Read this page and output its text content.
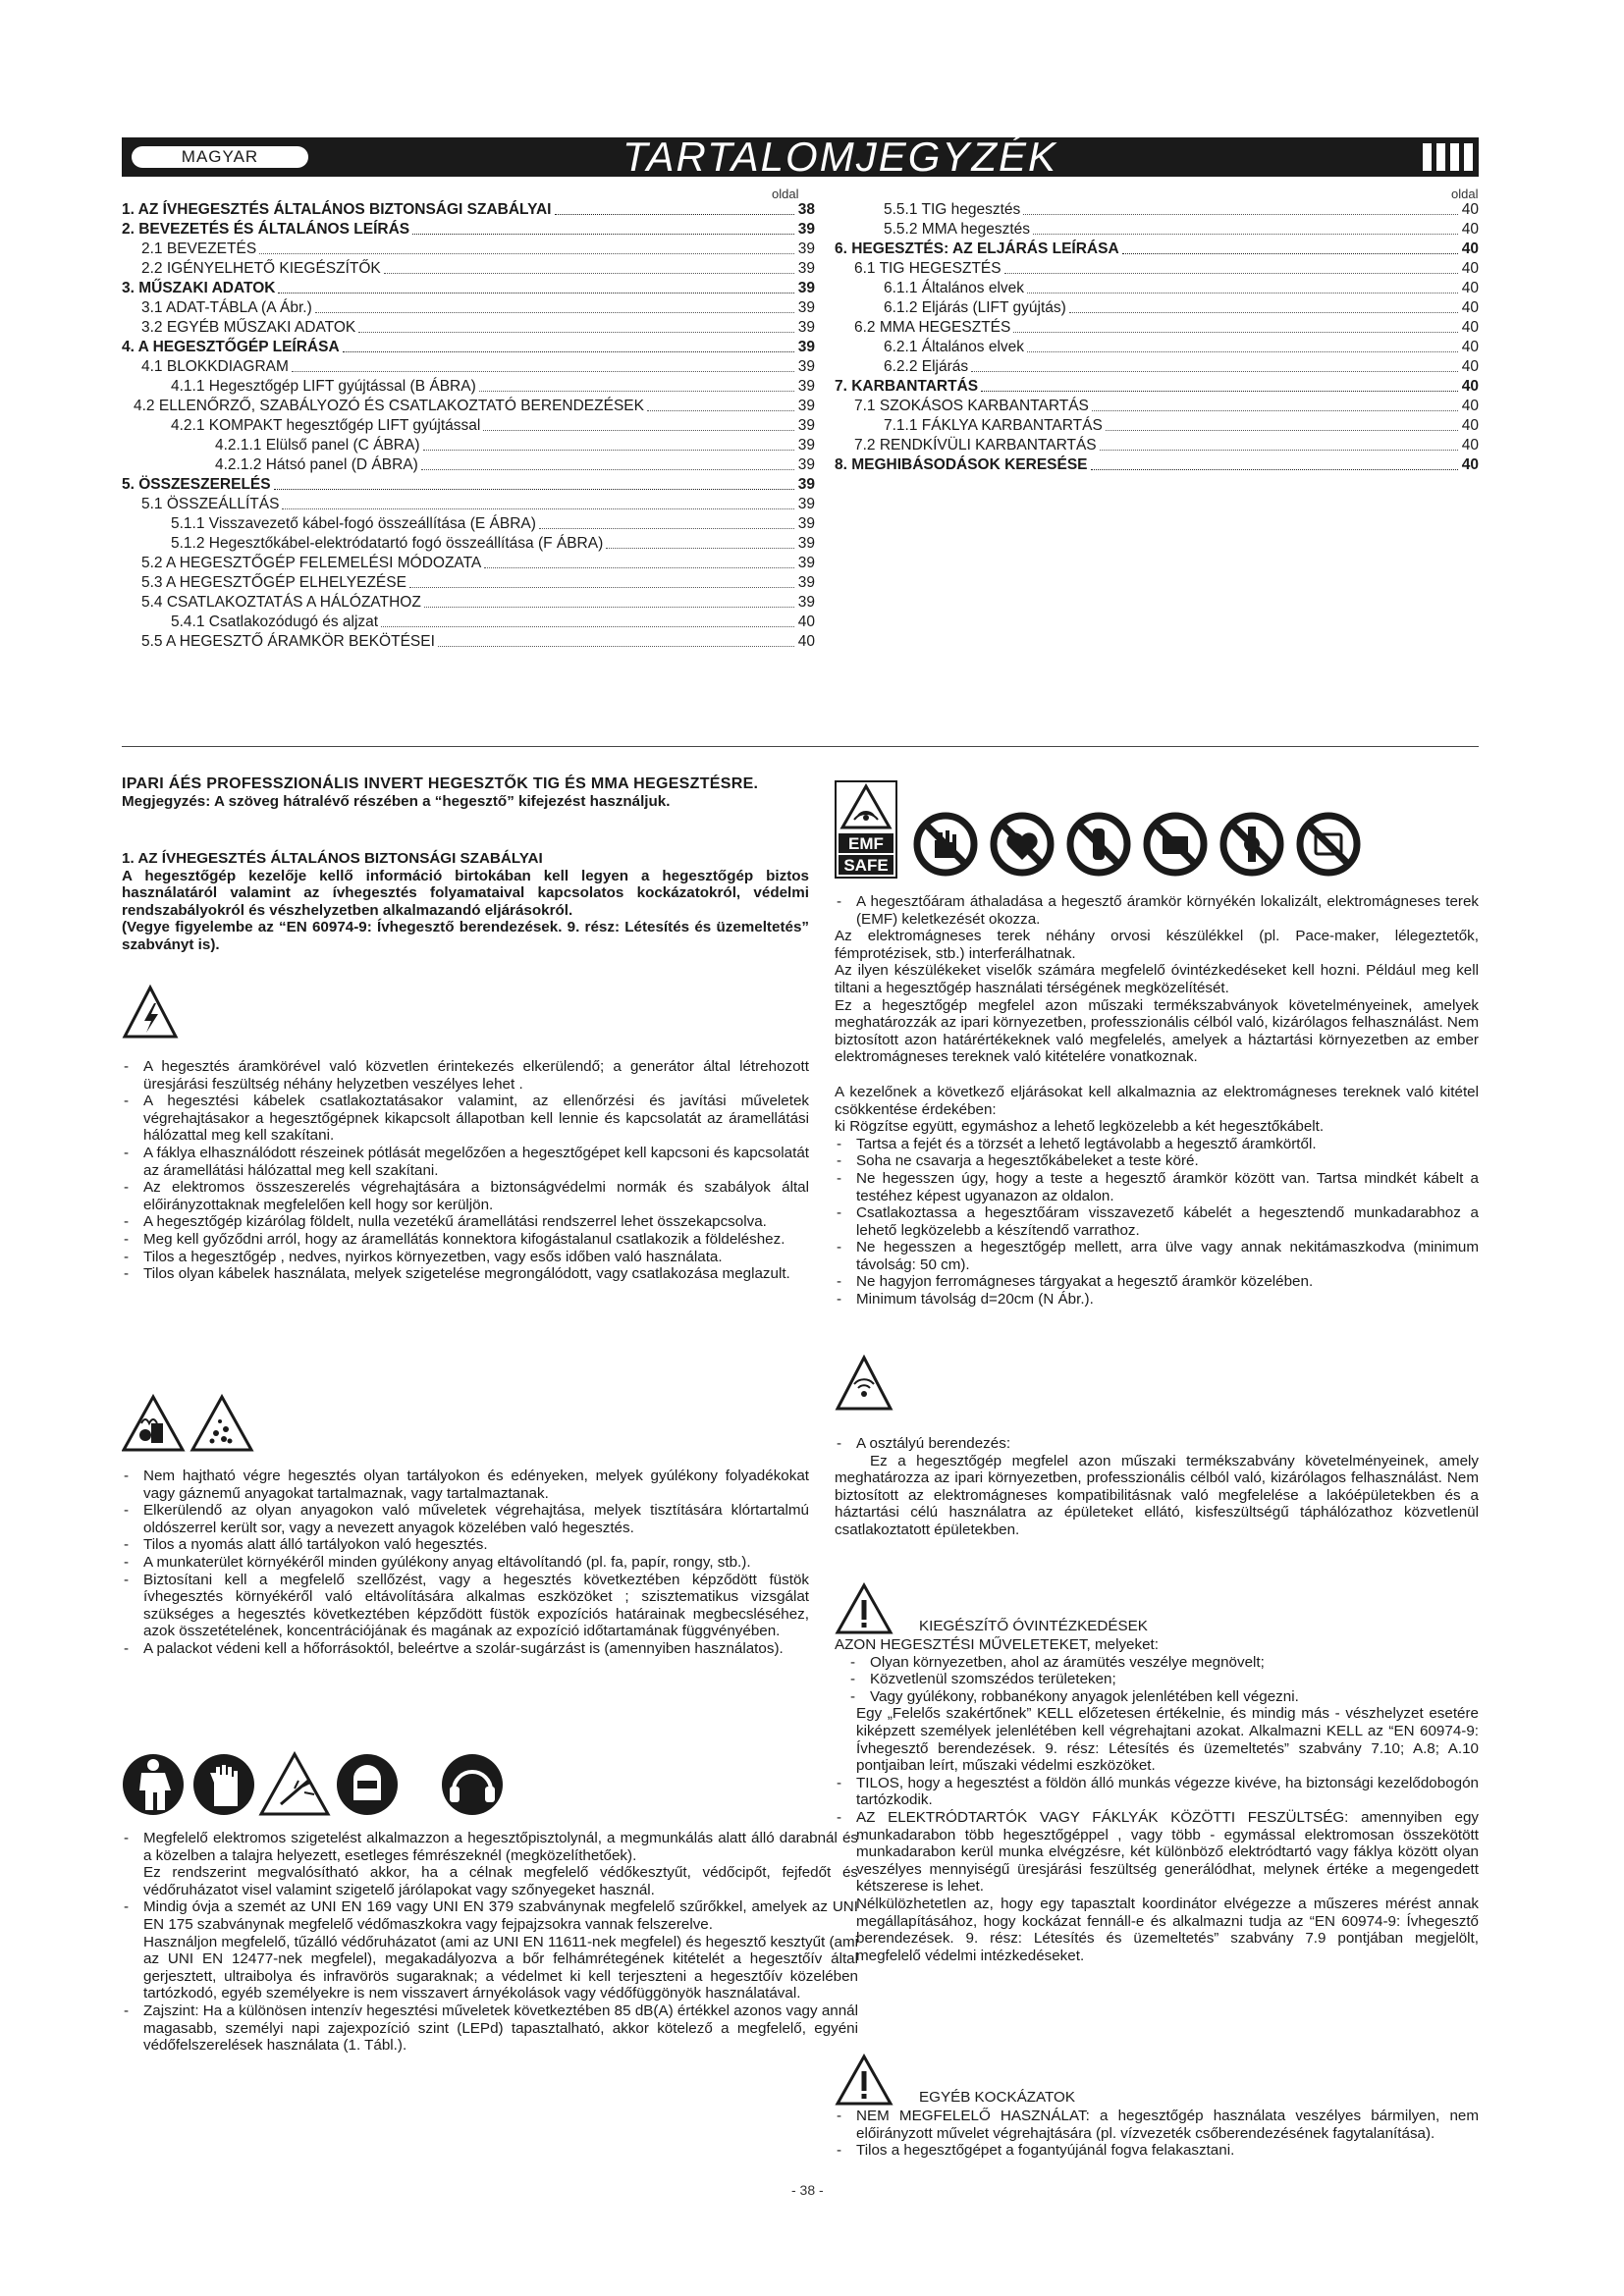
MAGYAR	TARTALOMJEGYZÉK
oldal	oldal
1. AZ ÍVHEGESZTÉS ÁLTALÁNOS BIZTONSÁGI SZABÁLYAI	38
2. BEVEZETÉS ÉS ÁLTALÁNOS LEÍRÁS	39
2.1 BEVEZETÉS	39
2.2 IGÉNYELHETŐ KIEGÉSZÍTŐK	39
3. MŰSZAKI ADATOK	39
3.1 ADAT-TÁBLA (A Ábr.)	39
3.2 EGYÉB MŰSZAKI ADATOK	39
4. A HEGESZTŐGÉP LEÍRÁSA	39
4.1 BLOKKDIAGRAM	39
4.1.1 Hegesztőgép LIFT gyújtással (B ÁBRA)	39
4.2 ELLENŐRZŐ, SZABÁLYOZÓ ÉS CSATLAKOZTATÓ BERENDEZÉSEK	39
4.2.1 KOMPAKT hegesztőgép LIFT gyújtással	39
4.2.1.1 Elülső panel (C ÁBRA)	39
4.2.1.2 Hátsó panel (D ÁBRA)	39
5. ÖSSZESZERELÉS	39
5.1 ÖSSZEÁLLÍTÁS	39
5.1.1 Visszavezető kábel-fogó összeállítása (E ÁBRA)	39
5.1.2 Hegesztőkábel-elektródatartó fogó összeállítása (F ÁBRA)	39
5.2 A HEGESZTŐGÉP FELEMELÉSI MÓDOZATA	39
5.3 A HEGESZTŐGÉP ELHELYEZÉSE	39
5.4 CSATLAKOZTATÁS A HÁLÓZATHOZ	39
5.4.1 Csatlakozódugó és aljzat	40
5.5 A HEGESZTŐ ÁRAMKÖR BEKÖTÉSEI	40
5.5.1 TIG hegesztés	40
5.5.2 MMA hegesztés	40
6. HEGESZTÉS: AZ ELJÁRÁS LEÍRÁSA	40
6.1 TIG HEGESZTÉS	40
6.1.1 Általános elvek	40
6.1.2 Eljárás (LIFT gyújtás)	40
6.2 MMA HEGESZTÉS	40
6.2.1 Általános elvek	40
6.2.2 Eljárás	40
7. KARBANTARTÁS	40
7.1 SZOKÁSOS KARBANTARTÁS	40
7.1.1 FÁKLYA KARBANTARTÁS	40
7.2 RENDKÍVÜLI KARBANTARTÁS	40
8. MEGHIBÁSODÁSOK KERESÉSE	40

IPARI ÁÉS PROFESSZIONÁLIS INVERT HEGESZTŐK TIG ÉS MMA HEGESZTÉSRE.

Megjegyzés: A szöveg hátralévő részében a “hegesztő” kifejezést használjuk.

1. AZ ÍVHEGESZTÉS ÁLTALÁNOS BIZTONSÁGI SZABÁLYAI

A hegesztőgép kezelője kellő információ birtokában kell legyen a hegesztőgép biztos használatáról valamint az ívhegesztés folyamataival kapcsolatos kockázatokról, védelmi rendszabályokról és vészhelyzetben alkalmazandó eljárásokról.

(Vegye figyelembe az “EN 60974-9: Ívhegesztő berendezések. 9. rész: Létesítés és üzemeltetés” szabványt is).

- A hegesztés áramkörével való közvetlen érintekezés elkerülendő; a generátor által létrehozott üresjárási feszültség néhány helyzetben veszélyes lehet .

- A hegesztési kábelek csatlakoztatásakor valamint, az ellenőrzési és javítási műveletek végrehajtásakor a hegesztőgépnek kikapcsolt állapotban kell lennie és kapcsolatát az áramellátási hálózattal meg kell szakítani.

- A fáklya elhasználódott részeinek pótlását megelőzően a hegesztőgépet kell kapcsoni és kapcsolatát az áramellátási hálózattal meg kell szakítani.

- Az elektromos összeszerelés végrehajtására a biztonságvédelmi normák és szabályok által előirányzottaknak megfelelően kell hogy sor kerüljön.

- A hegesztőgép kizárólag földelt, nulla vezetékű áramellátási rendszerrel lehet összekapcsolva.

- Meg kell győződni arról, hogy az áramellátás konnektora kifogástalanul csatlakozik a földeléshez.

- Tilos a hegesztőgép , nedves, nyirkos környezetben, vagy esős időben való használata.

- Tilos olyan kábelek használata, melyek szigetelése megrongálódott, vagy csatlakozása meglazult.

- Nem hajtható végre hegesztés olyan tartályokon és edényeken, melyek gyúlékony folyadékokat vagy gáznemű anyagokat tartalmaznak, vagy tartalmaztanak.

- Elkerülendő az olyan anyagokon való műveletek végrehajtása, melyek tisztítására klórtartalmú oldószerrel került sor, vagy a nevezett anyagok közelében való hegesztés.

- Tilos a nyomás alatt álló tartályokon való hegesztés.

- A munkaterület környékéről minden gyúlékony anyag eltávolítandó (pl. fa, papír, rongy, stb.).

- Biztosítani kell a megfelelő szellőzést, vagy a hegesztés következtében képződött füstök ívhegesztés környékéről való eltávolítására alkalmas eszközöket ; szisztematikus vizsgálat szükséges a hegesztés következtében képződött füstök expozíciós határainak megbecsléséhez, azok összetételének, koncentrációjának és magának az expozíció időtartamának függvényében.

- A palackot védeni kell a hőforrásoktól, beleértve a szolár-sugárzást is (amennyiben használatos).

- Megfelelő elektromos szigetelést alkalmazzon a hegesztőpisztolynál, a megmunkálás alatt álló darabnál és a közelben a talajra helyezett, esetleges fémrészeknél (megközelíthetőek).

Ez rendszerint megvalósítható akkor, ha a célnak megfelelő védőkesztyűt, védőcipőt, fejfedőt és védőruházatot visel valamint szigetelő járólapokat vagy szőnyegeket használ.

- Mindig óvja a szemét az UNI EN 169 vagy UNI EN 379 szabványnak megfelelő szűrőkkel, amelyek az UNI EN 175 szabványnak megfelelő védőmaszkokra vagy fejpajzsokra vannak felszerelve.

Használjon megfelelő, tűzálló védőruházatot (ami az UNI EN 11611-nek megfelel) és hegesztő kesztyűt (ami az UNI EN 12477-nek megfelel), megakadályozva a bőr felhámrétegének kitételét a hegesztőív által gerjesztett, ultraibolya és infravörös sugaraknak; a védelmet ki kell terjeszteni a hegesztőív közelében tartózkodó, egyéb személyekre is nem visszavert árnyékolások vagy védőfüggönyök használatával.

- Zajszint: Ha a különösen intenzív hegesztési műveletek következtében 85 dB(A) értékkel azonos vagy annál magasabb, személyi napi zajexpozíció szint (LEPd) tapasztalható, akkor kötelező a megfelelő, egyéni védőfelszerelések használata (1. Tábl.).

EMF
SAFE

- A hegesztőáram áthaladása a hegesztő áramkör környékén lokalizált, elektromágneses terek (EMF) keletkezését okozza.

Az elektromágneses terek néhány orvosi készülékkel (pl. Pace-maker, lélegeztetők, fémprotézisek, stb.) interferálhatnak.

Az ilyen készülékeket viselők számára megfelelő óvintézkedéseket kell hozni. Például meg kell tiltani a hegesztőgép használati térségének megközelítését.

Ez a hegesztőgép megfelel azon műszaki termékszabványok követelményeinek, amelyek meghatározzák az ipari környezetben, professzionális célból való, kizárólagos felhasználást. Nem biztosított azon határértékeknek való megfelelés, amelyek a háztartási környezetben az ember elektromágneses tereknek való kitételére vonatkoznak.

A kezelőnek a következő eljárásokat kell alkalmaznia az elektromágneses tereknek való kitétel csökkentése érdekében:

ki Rögzítse együtt, egymáshoz a lehető legközelebb a két hegesztőkábelt.

- Tartsa a fejét és a törzsét a lehető legtávolabb a hegesztő áramkörtől.

- Soha ne csavarja a hegesztőkábeleket a teste köré.

- Ne hegesszen úgy, hogy a teste a hegesztő áramkör között van. Tartsa mindkét kábelt a testéhez képest ugyanazon az oldalon.

- Csatlakoztassa a hegesztőáram visszavezető kábelét a hegesztendő munkadarabhoz a lehető legközelebb a készítendő varrathoz.

- Ne hegesszen a hegesztőgép mellett, arra ülve vagy annak nekitámaszkodva (minimum távolság: 50 cm).

- Ne hagyjon ferromágneses tárgyakat a hegesztő áramkör közelében.

- Minimum távolság d=20cm (N Ábr.).

- A osztályú berendezés:

Ez a hegesztőgép megfelel azon műszaki termékszabvány követelményeinek, amely meghatározza az ipari környezetben, professzionális célból való, kizárólagos felhasználást. Nem biztosított az elektromágneses kompatibilitásnak való megfelelése a lakóépületekben és a háztartási célú használatra az épületeket ellátó, kisfeszültségű táphálózathoz közvetlenül csatlakoztatott épületekben.

KIEGÉSZÍTŐ ÓVINTÉZKEDÉSEK

AZON HEGESZTÉSI MŰVELETEKET, melyeket:

- Olyan környezetben, ahol az áramütés veszélye megnövelt;

- Közvetlenül szomszédos területeken;

- Vagy gyúlékony, robbanékony anyagok jelenlétében kell végezni.

Egy „Felelős szakértőnek” KELL előzetesen értékelnie, és mindig más - vészhelyzet esetére kiképzett személyek jelenlétében kell végrehajtani azokat. Alkalmazni KELL az “EN 60974-9: Ívhegesztő berendezések. 9. rész: Létesítés és üzemeltetés” szabvány 7.10; A.8; A.10 pontjaiban leírt, műszaki védelmi eszközöket.

- TILOS, hogy a hegesztést a földön álló munkás végezze kivéve, ha biztonsági kezelődobogón tartózkodik.

- AZ ELEKTRÓDTARTÓK VAGY FÁKLYÁK KÖZÖTTI FESZÜLTSÉG: amennyiben egy munkadarabon több hegesztőgéppel , vagy több - egymással elektromosan összekötött munkadarabon kerül munka elvégzésre, két különböző elektródtartó vagy fáklya között olyan veszélyes mennyiségű üresjárási feszültség generálódhat, melynek értéke a megengedett kétszerese is lehet.

Nélkülözhetetlen az, hogy egy tapasztalt koordinátor elvégezze a műszeres mérést annak megállapításához, hogy kockázat fennáll-e és alkalmazni tudja az “EN 60974-9: Ívhegesztő berendezések. 9. rész: Létesítés és üzemeltetés” szabvány 7.9 pontjában megjelölt, megfelelő védelmi intézkedéseket.

EGYÉB KOCKÁZATOK

- NEM MEGFELELŐ HASZNÁLAT: a hegesztőgép használata veszélyes bármilyen, nem előirányzott művelet végrehajtására (pl. vízvezeték csőberendezésének fagytalanítása).

- Tilos a hegesztőgépet a fogantyújánál fogva felakasztani.

- 38 -
